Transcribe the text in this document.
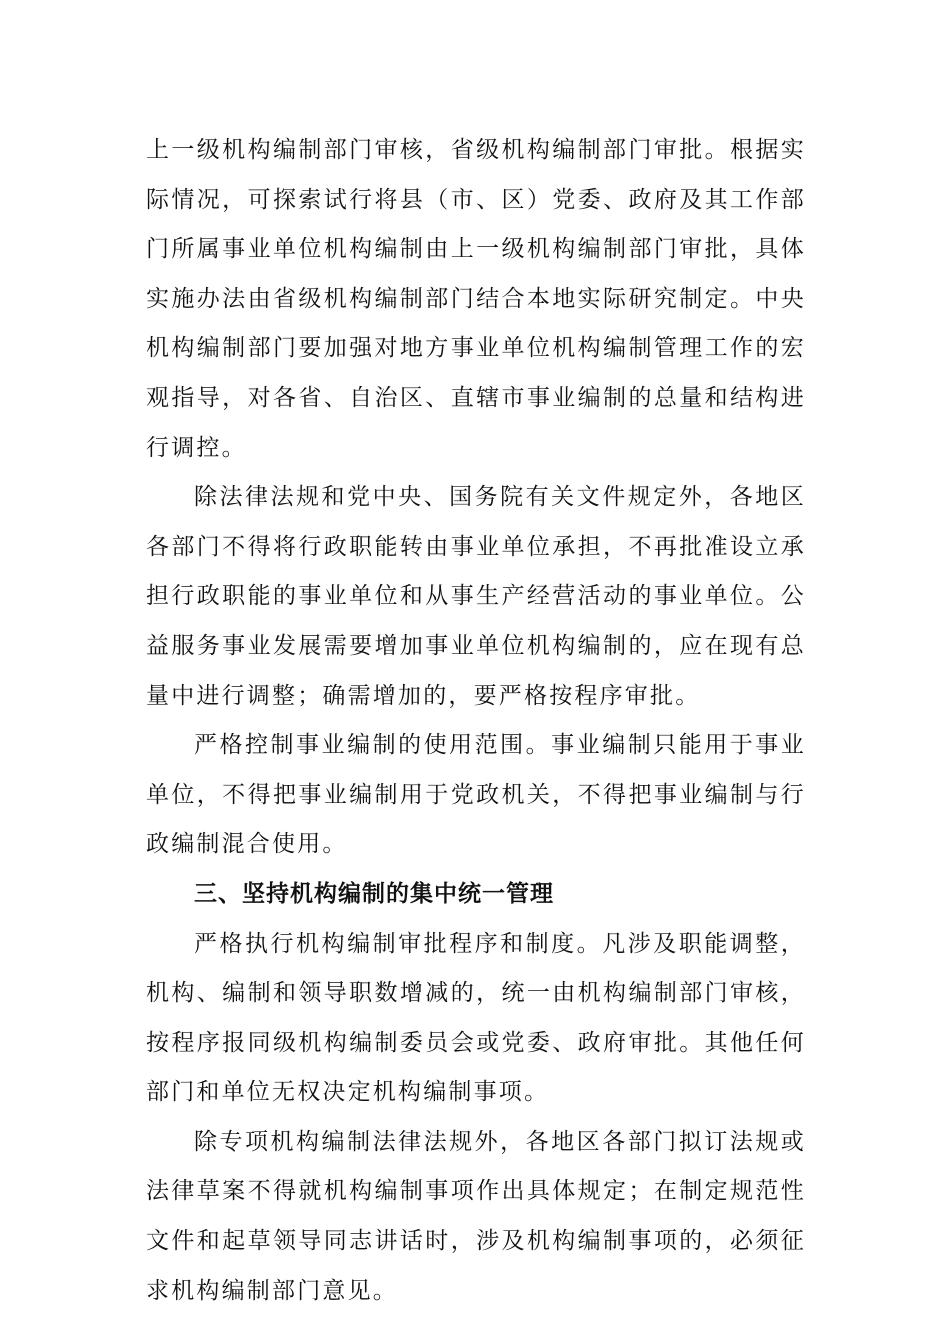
上一级机构编制部门审核，省级机构编制部门审批。根据实际情况，可探索试行将县（市、区）党委、政府及其工作部门所属事业单位机构编制由上一级机构编制部门审批，具体实施办法由省级机构编制部门结合本地实际研究制定。中央机构编制部门要加强对地方事业单位机构编制管理工作的宏观指导，对各省、自治区、直辖市事业编制的总量和结构进行调控。

除法律法规和党中央、国务院有关文件规定外，各地区各部门不得将行政职能转由事业单位承担，不再批准设立承担行政职能的事业单位和从事生产经营活动的事业单位。公益服务事业发展需要增加事业单位机构编制的，应在现有总量中进行调整；确需增加的，要严格按程序审批。

严格控制事业编制的使用范围。事业编制只能用于事业单位，不得把事业编制用于党政机关，不得把事业编制与行政编制混合使用。

三、坚持机构编制的集中统一管理

严格执行机构编制审批程序和制度。凡涉及职能调整，机构、编制和领导职数增减的，统一由机构编制部门审核，按程序报同级机构编制委员会或党委、政府审批。其他任何部门和单位无权决定机构编制事项。

除专项机构编制法律法规外，各地区各部门拟订法规或法律草案不得就机构编制事项作出具体规定；在制定规范性文件和起草领导同志讲话时，涉及机构编制事项的，必须征求机构编制部门意见。
